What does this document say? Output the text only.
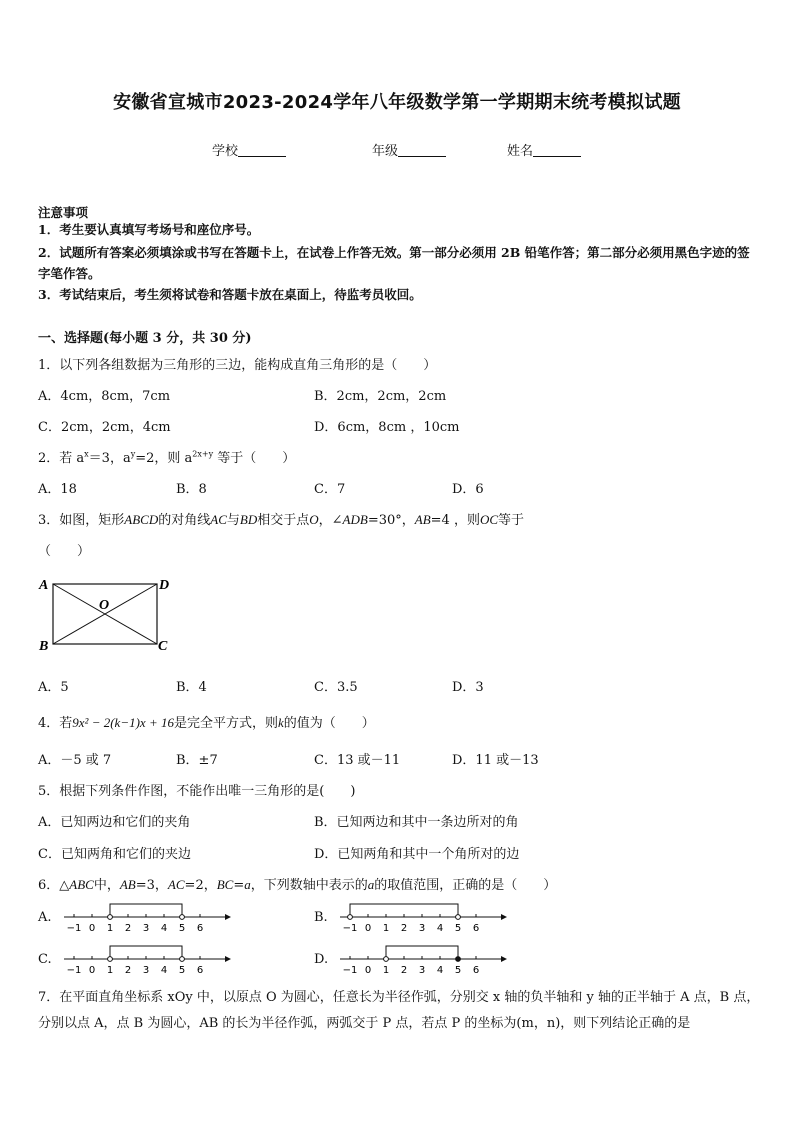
安徽省宣城市2023-2024学年八年级数学第一学期期末统考模拟试题
学校	年级	姓名
注意事项
1．考生要认真填写考场号和座位序号。
2．试题所有答案必须填涂或书写在答题卡上，在试卷上作答无效。第一部分必须用 2B 铅笔作答；第二部分必须用黑色字迹的签字笔作答。
3．考试结束后，考生须将试卷和答题卡放在桌面上，待监考员收回。
一、选择题(每小题 3 分，共 30 分)
1．以下列各组数据为三角形的三边，能构成直角三角形的是（　　）
A．4cm，8cm，7cm	B．2cm，2cm，2cm
C．2cm，2cm，4cm	D．6cm，8cm ，10cm
2．若 $a^x=3$，$a^y=2$，则 $a^{2x+y}$ 等于（　　）
A．18	B．8	C．7	D．6
3．如图，矩形ABCD的对角线AC与BD相交于点O，∠ADB=30°，AB=4 ，则OC等于
（　　）
A	D
B	C
O
A．5	B．4	C．3.5	D．3
4．若9x² − 2(k−1)x + 16是完全平方式，则k的值为（　　）
A．－5 或 7	B．±7	C．13 或－11	D．11 或－13
5．根据下列条件作图，不能作出唯一三角形的是(　　)
A．已知两边和它们的夹角	B．已知两边和其中一条边所对的角
C．已知两角和它们的夹边	D．已知两角和其中一个角所对的边
6．△ABC中，AB=3，AC=2，BC=a，下列数轴中表示的a的取值范围，正确的是（　　）
A.	B.
C.	D.
−1 0 1 2 3 4 5 6	−1 0 1 2 3 4 5 6
−1 0 1 2 3 4 5 6	−1 0 1 2 3 4 5 6
7．在平面直角坐标系 xOy 中，以原点 O 为圆心，任意长为半径作弧，分别交 x 轴的负半轴和 y 轴的正半轴于 A 点，B 点，分别以点 A，点 B 为圆心，AB 的长为半径作弧，两弧交于 P 点，若点 P 的坐标为(m，n)，则下列结论正确的是
